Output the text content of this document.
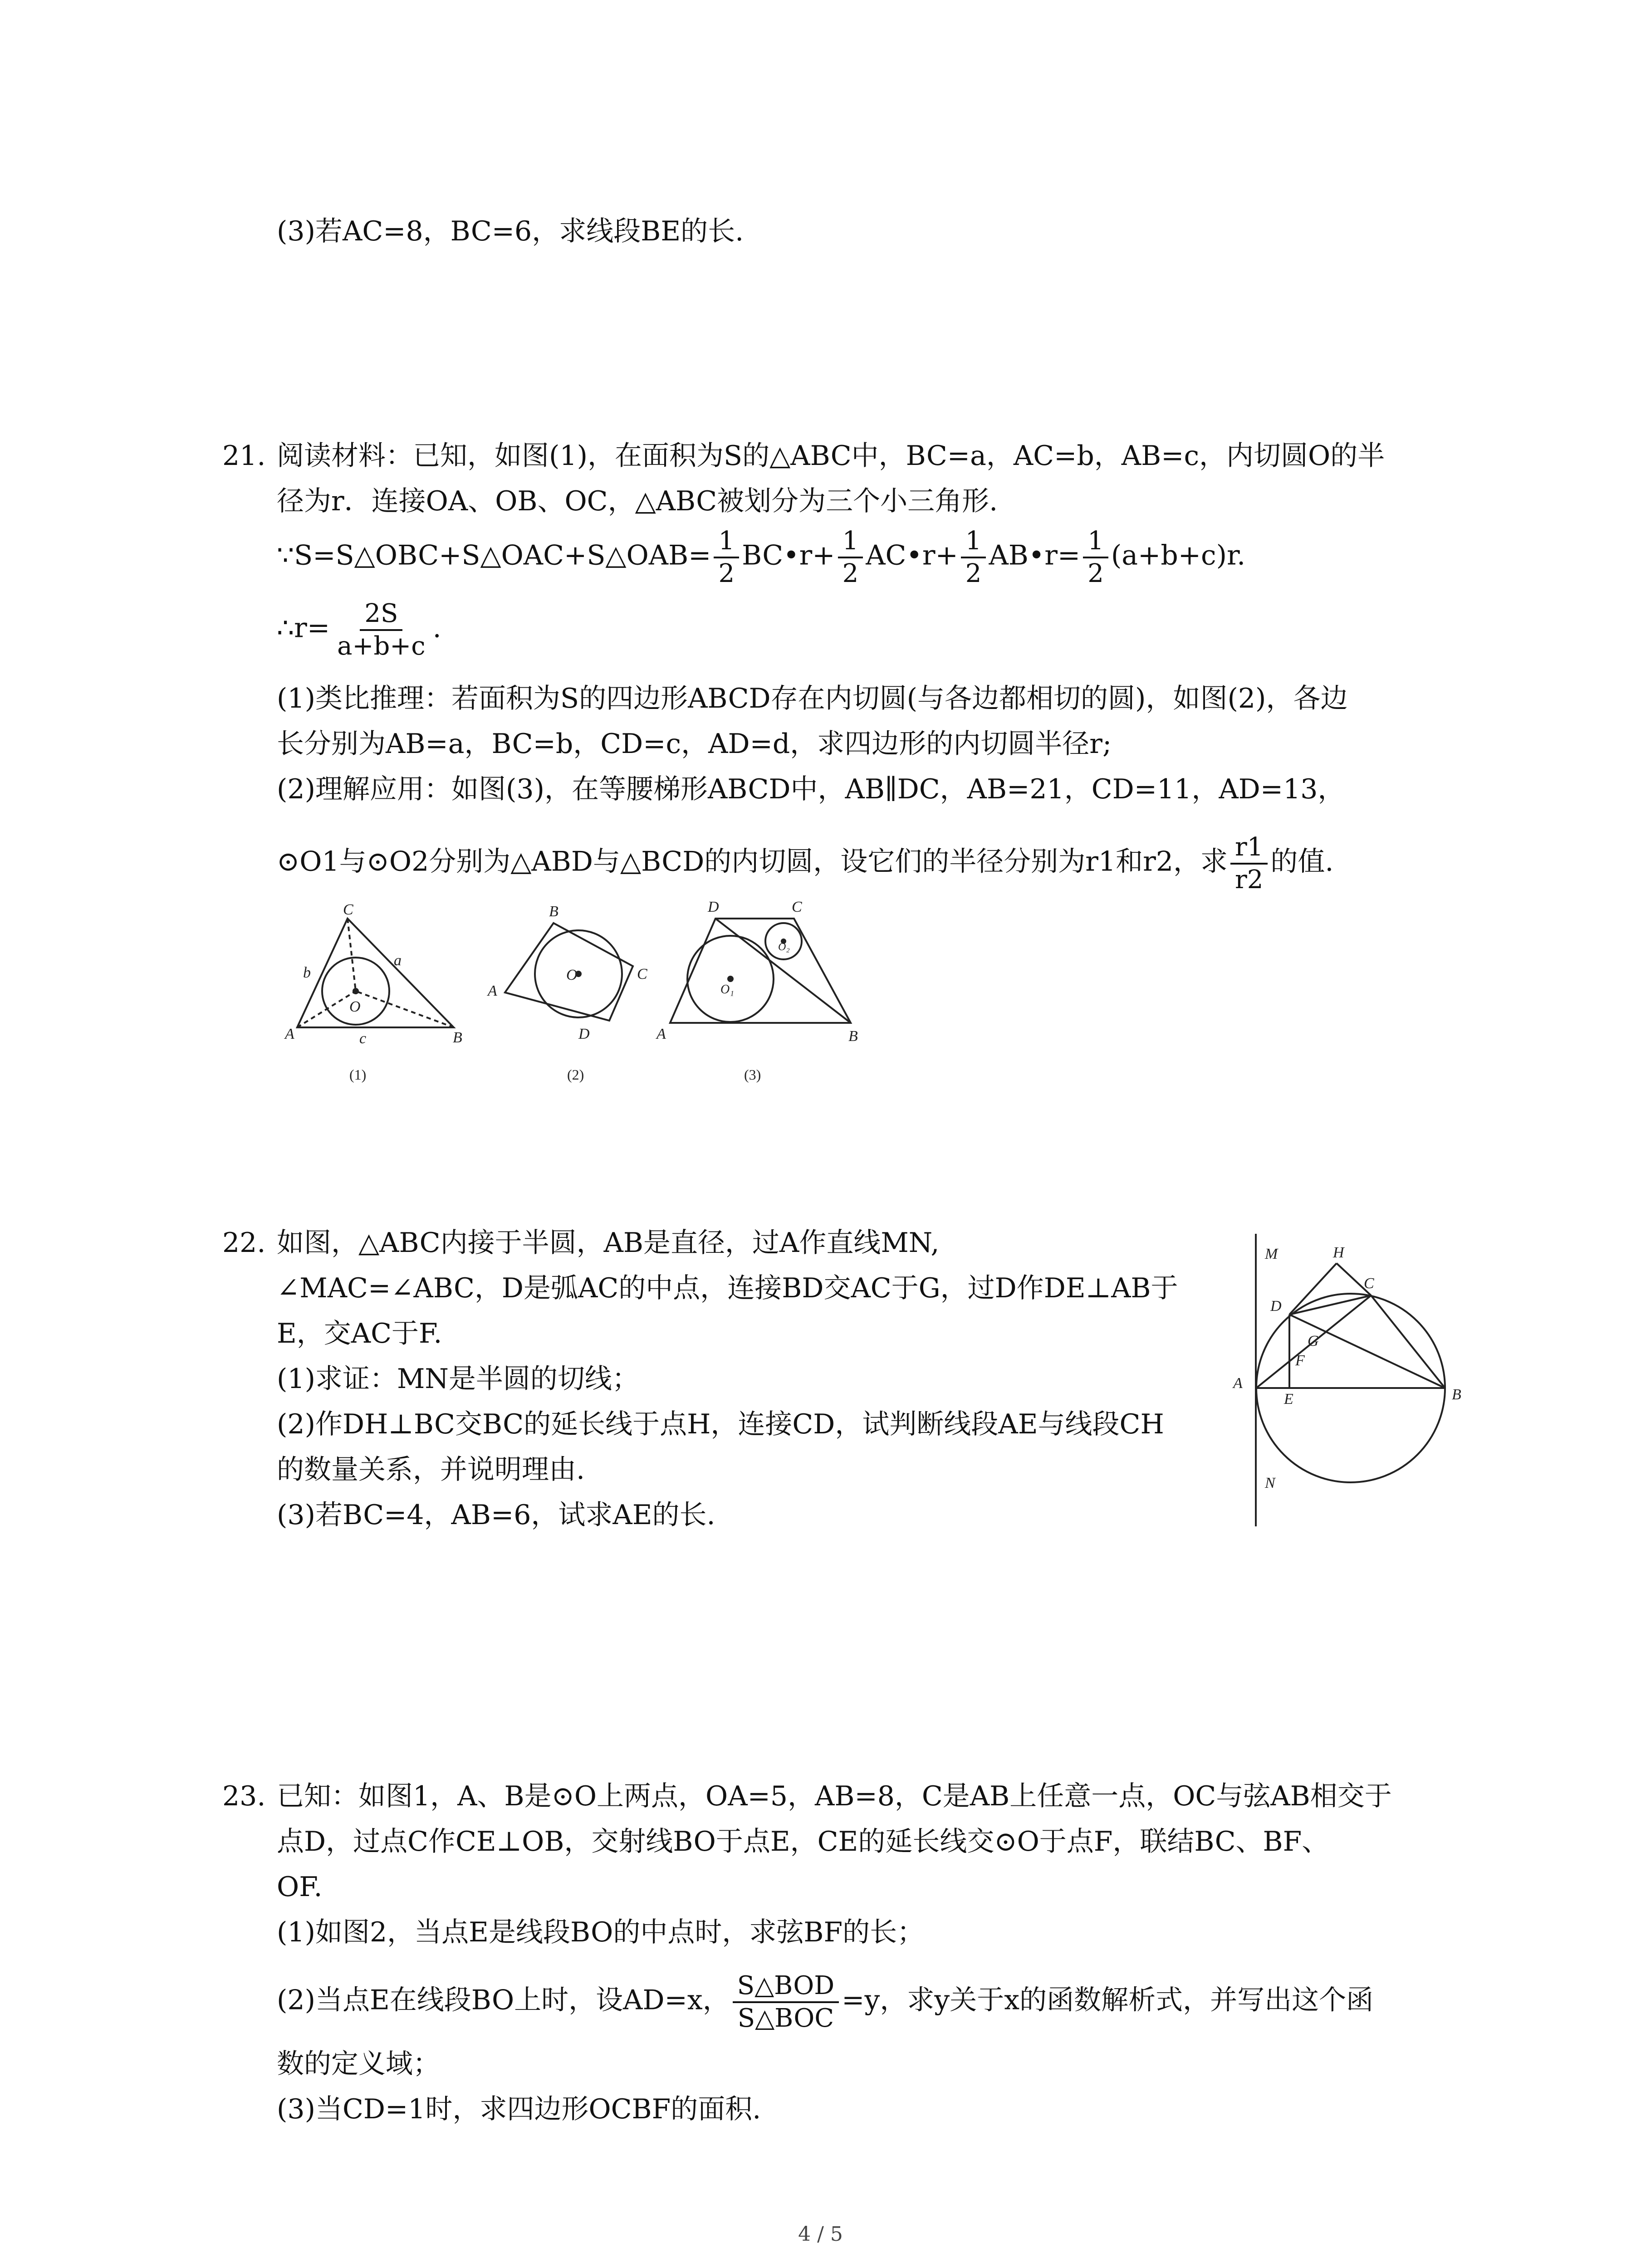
(3)若AC=8，BC=6，求线段BE的长.
21. 阅读材料：已知，如图(1)，在面积为S的△ABC中，BC=a，AC=b，AB=c，内切圆O的半
径为r．连接OA、OB、OC，△ABC被划分为三个小三角形.
∵S=S△OBC+S△OAC+S△OAB= $\frac{1}{2}$ BC•r+ $\frac{1}{2}$ AC•r+ $\frac{1}{2}$ AB•r= $\frac{1}{2} (a+b+c)r$.
∴r= $\frac{2S}{a+b+c}$ .
(1)类比推理：若面积为S的四边形ABCD存在内切圆(与各边都相切的圆)，如图(2)，各边
长分别为AB=a，BC=b，CD=c，AD=d，求四边形的内切圆半径r;
(2)理解应用：如图(3)，在等腰梯形ABCD中，AB∥DC，AB=21，CD=11，AD=13，
⊙O1与⊙O2分别为△ABD与△BCD的内切圆，设它们的半径分别为r1和r2，求 $\frac{r1}{r2}$ 的值.
C
A	B
b
a
c
O
(1)	(2)	(3)
B
A
C
D
O
D	C
A	B
O₁
O₂
22. 如图，△ABC内接于半圆，AB是直径，过A作直线MN,
∠MAC=∠ABC，D是弧AC的中点，连接BD交AC于G，过D作DE⊥AB于
E，交AC于F.
(1)求证：MN是半圆的切线；
(2)作DH⊥BC交BC的延长线于点H，连接CD，试判断线段AE与线段CH
的数量关系，并说明理由.
(3)若BC=4，AB=6，试求AE的长.
M	H
C
D
F
G
A
E	B
N
23. 已知：如图1，A、B是⊙O上两点，OA=5，AB=8，C是AB上任意一点，OC与弦AB相交于
点D，过点C作CE⊥OB，交射线BO于点E，CE的延长线交⊙O于点F，联结BC、BF、
OF.
(1)如图2，当点E是线段BO的中点时，求弦BF的长；
(2)当点E在线段BO上时，设AD=x， $\frac{\text{S△BOD}}{\text{S△BOC}} =y$，求y关于x的函数解析式，并写出这个函
数的定义域；
(3)当CD=1时，求四边形OCBF的面积.
4 / 5
